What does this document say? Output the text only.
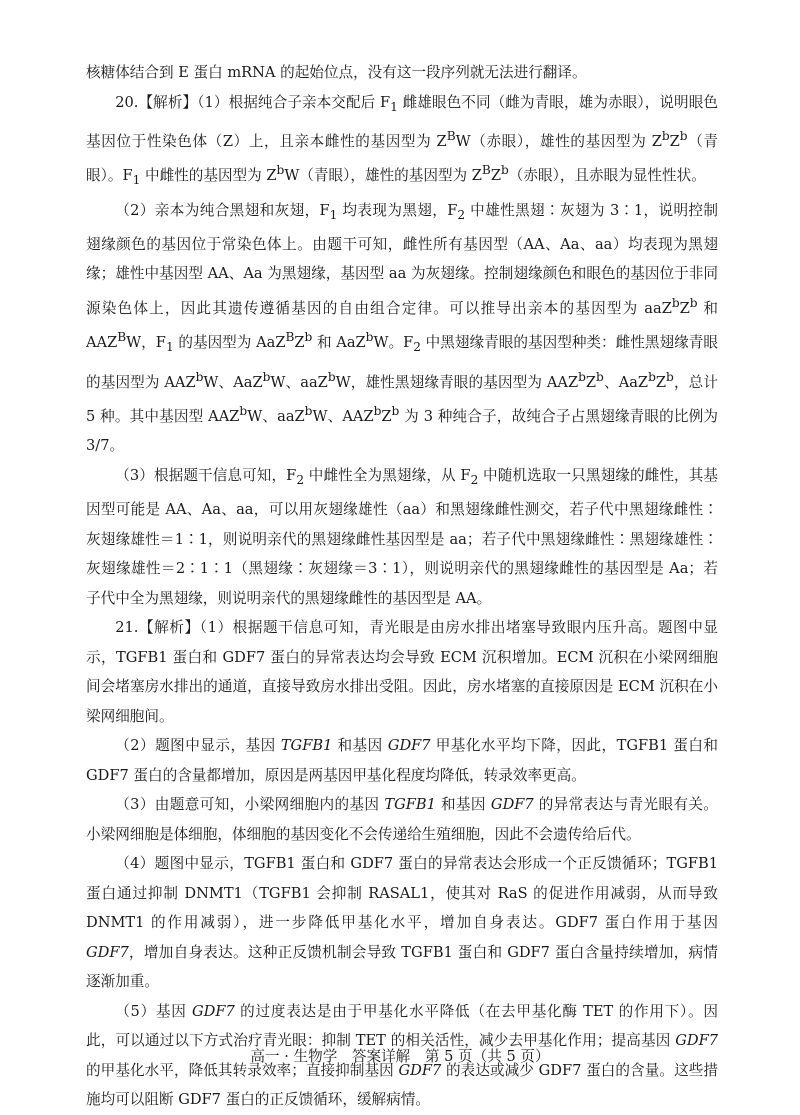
核糖体结合到 E 蛋白 mRNA 的起始位点，没有这一段序列就无法进行翻译。

20.【解析】（1）根据纯合子亲本交配后 $F_1$ 雌雄眼色不同（雌为青眼，雄为赤眼），说明眼色基因位于性染色体（Z）上，且亲本雌性的基因型为 $Z^BW$（赤眼），雄性的基因型为 $Z^bZ^b$（青眼）。$F_1$ 中雌性的基因型为 $Z^bW$（青眼），雄性的基因型为 $Z^BZ^b$（赤眼），且赤眼为显性性状。

（2）亲本为纯合黑翅和灰翅，$F_1$ 均表现为黑翅，$F_2$ 中雄性黑翅∶灰翅为 3∶1，说明控制翅缘颜色的基因位于常染色体上。由题干可知，雌性所有基因型（AA、Aa、aa）均表现为黑翅缘；雄性中基因型 AA、Aa 为黑翅缘，基因型 aa 为灰翅缘。控制翅缘颜色和眼色的基因位于非同源染色体上，因此其遗传遵循基因的自由组合定律。可以推导出亲本的基因型为 $aaZ^bZ^b$ 和 $AAZ^BW$，$F_1$ 的基因型为 $AaZ^BZ^b$ 和 AaZ$^b$W。$F_2$ 中黑翅缘青眼的基因型种类：雌性黑翅缘青眼的基因型为 AAZ$^b$W、AaZ$^b$W、aaZ$^b$W，雄性黑翅缘青眼的基因型为 $AAZ^bZ^b$、$AaZ^bZ^b$，总计 5 种。其中基因型 AAZ$^b$W、aaZ$^b$W、$AAZ^bZ^b$ 为 3 种纯合子，故纯合子占黑翅缘青眼的比例为 3/7。

（3）根据题干信息可知，$F_2$ 中雌性全为黑翅缘，从 $F_2$ 中随机选取一只黑翅缘的雌性，其基因型可能是 AA、Aa、aa，可以用灰翅缘雄性（aa）和黑翅缘雌性测交，若子代中黑翅缘雌性∶灰翅缘雄性＝1∶1，则说明亲代的黑翅缘雌性基因型是 aa；若子代中黑翅缘雌性∶黑翅缘雄性∶灰翅缘雄性＝2∶1∶1（黑翅缘∶灰翅缘＝3∶1），则说明亲代的黑翅缘雌性的基因型是 Aa；若子代中全为黑翅缘，则说明亲代的黑翅缘雌性的基因型是 AA。

21.【解析】（1）根据题干信息可知，青光眼是由房水排出堵塞导致眼内压升高。题图中显示，TGFB1 蛋白和 GDF7 蛋白的异常表达均会导致 ECM 沉积增加。ECM 沉积在小梁网细胞间会堵塞房水排出的通道，直接导致房水排出受阻。因此，房水堵塞的直接原因是 ECM 沉积在小梁网细胞间。

（2）题图中显示，基因 TGFB1 和基因 GDF7 甲基化水平均下降，因此，TGFB1 蛋白和 GDF7 蛋白的含量都增加，原因是两基因甲基化程度均降低，转录效率更高。

（3）由题意可知，小梁网细胞内的基因 TGFB1 和基因 GDF7 的异常表达与青光眼有关。小梁网细胞是体细胞，体细胞的基因变化不会传递给生殖细胞，因此不会遗传给后代。

（4）题图中显示，TGFB1 蛋白和 GDF7 蛋白的异常表达会形成一个正反馈循环；TGFB1 蛋白通过抑制 DNMT1（TGFB1 会抑制 RASAL1，使其对 RaS 的促进作用减弱，从而导致 DNMT1 的作用减弱），进一步降低甲基化水平，增加自身表达。GDF7 蛋白作用于基因 GDF7，增加自身表达。这种正反馈机制会导致 TGFB1 蛋白和 GDF7 蛋白含量持续增加，病情逐渐加重。

（5）基因 GDF7 的过度表达是由于甲基化水平降低（在去甲基化酶 TET 的作用下）。因此，可以通过以下方式治疗青光眼：抑制 TET 的相关活性，减少去甲基化作用；提高基因 GDF7 的甲基化水平，降低其转录效率；直接抑制基因 GDF7 的表达或减少 GDF7 蛋白的含量。这些措施均可以阻断 GDF7 蛋白的正反馈循环，缓解病情。

高一 · 生物学　答案详解　第 5 页（共 5 页）
